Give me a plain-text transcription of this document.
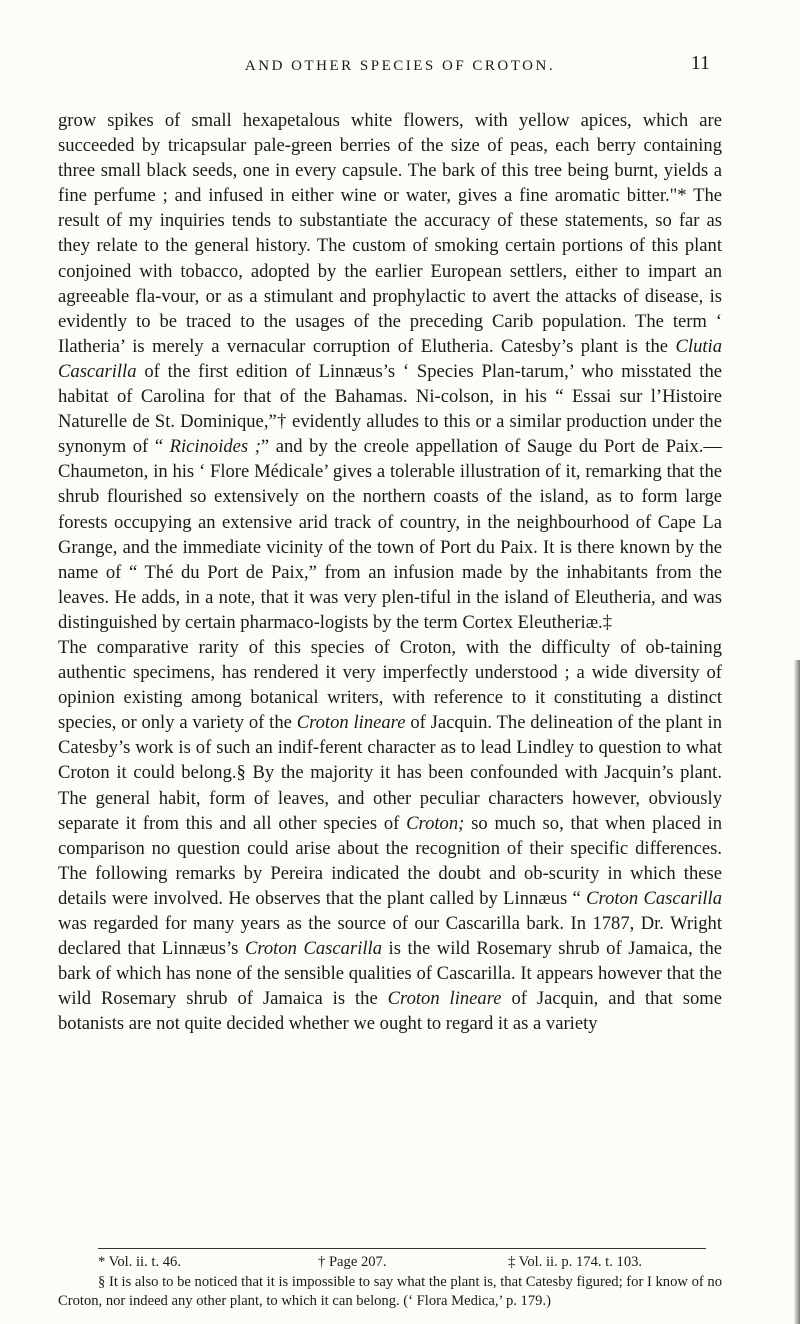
AND OTHER SPECIES OF CROTON.	11

grow spikes of small hexapetalous white flowers, with yellow apices, which are succeeded by tricapsular pale-green berries of the size of peas, each berry containing three small black seeds, one in every capsule. The bark of this tree being burnt, yields a fine perfume ; and infused in either wine or water, gives a fine aromatic bitter."* The result of my inquiries tends to substantiate the accuracy of these statements, so far as they relate to the general history. The custom of smoking certain portions of this plant conjoined with tobacco, adopted by the earlier European settlers, either to impart an agreeable fla-vour, or as a stimulant and prophylactic to avert the attacks of disease, is evidently to be traced to the usages of the preceding Carib population. The term ‘ Ilatheria’ is merely a vernacular corruption of Elutheria. Catesby’s plant is the Clutia Cascarilla of the first edition of Linnæus’s ‘ Species Plan-tarum,’ who misstated the habitat of Carolina for that of the Bahamas. Ni-colson, in his “ Essai sur l’Histoire Naturelle de St. Dominique,”† evidently alludes to this or a similar production under the synonym of “ Ricinoides ;” and by the creole appellation of Sauge du Port de Paix.—Chaumeton, in his ‘ Flore Médicale’ gives a tolerable illustration of it, remarking that the shrub flourished so extensively on the northern coasts of the island, as to form large forests occupying an extensive arid track of country, in the neighbourhood of Cape La Grange, and the immediate vicinity of the town of Port du Paix. It is there known by the name of “ Thé du Port de Paix,” from an infusion made by the inhabitants from the leaves. He adds, in a note, that it was very plen-tiful in the island of Eleutheria, and was distinguished by certain pharmaco-logists by the term Cortex Eleutheriæ.‡

The comparative rarity of this species of Croton, with the difficulty of ob-taining authentic specimens, has rendered it very imperfectly understood ; a wide diversity of opinion existing among botanical writers, with reference to it constituting a distinct species, or only a variety of the Croton lineare of Jacquin. The delineation of the plant in Catesby’s work is of such an indif-ferent character as to lead Lindley to question to what Croton it could belong.§ By the majority it has been confounded with Jacquin’s plant. The general habit, form of leaves, and other peculiar characters however, obviously separate it from this and all other species of Croton; so much so, that when placed in comparison no question could arise about the recognition of their specific differences. The following remarks by Pereira indicated the doubt and ob-scurity in which these details were involved. He observes that the plant called by Linnæus “ Croton Cascarilla was regarded for many years as the source of our Cascarilla bark. In 1787, Dr. Wright declared that Linnæus’s Croton Cascarilla is the wild Rosemary shrub of Jamaica, the bark of which has none of the sensible qualities of Cascarilla. It appears however that the wild Rosemary shrub of Jamaica is the Croton lineare of Jacquin, and that some botanists are not quite decided whether we ought to regard it as a variety

* Vol. ii. t. 46.	† Page 207.	‡ Vol. ii. p. 174. t. 103.
§ It is also to be noticed that it is impossible to say what the plant is, that Catesby figured; for I know of no Croton, nor indeed any other plant, to which it can belong. (‘ Flora Medica,’ p. 179.)
